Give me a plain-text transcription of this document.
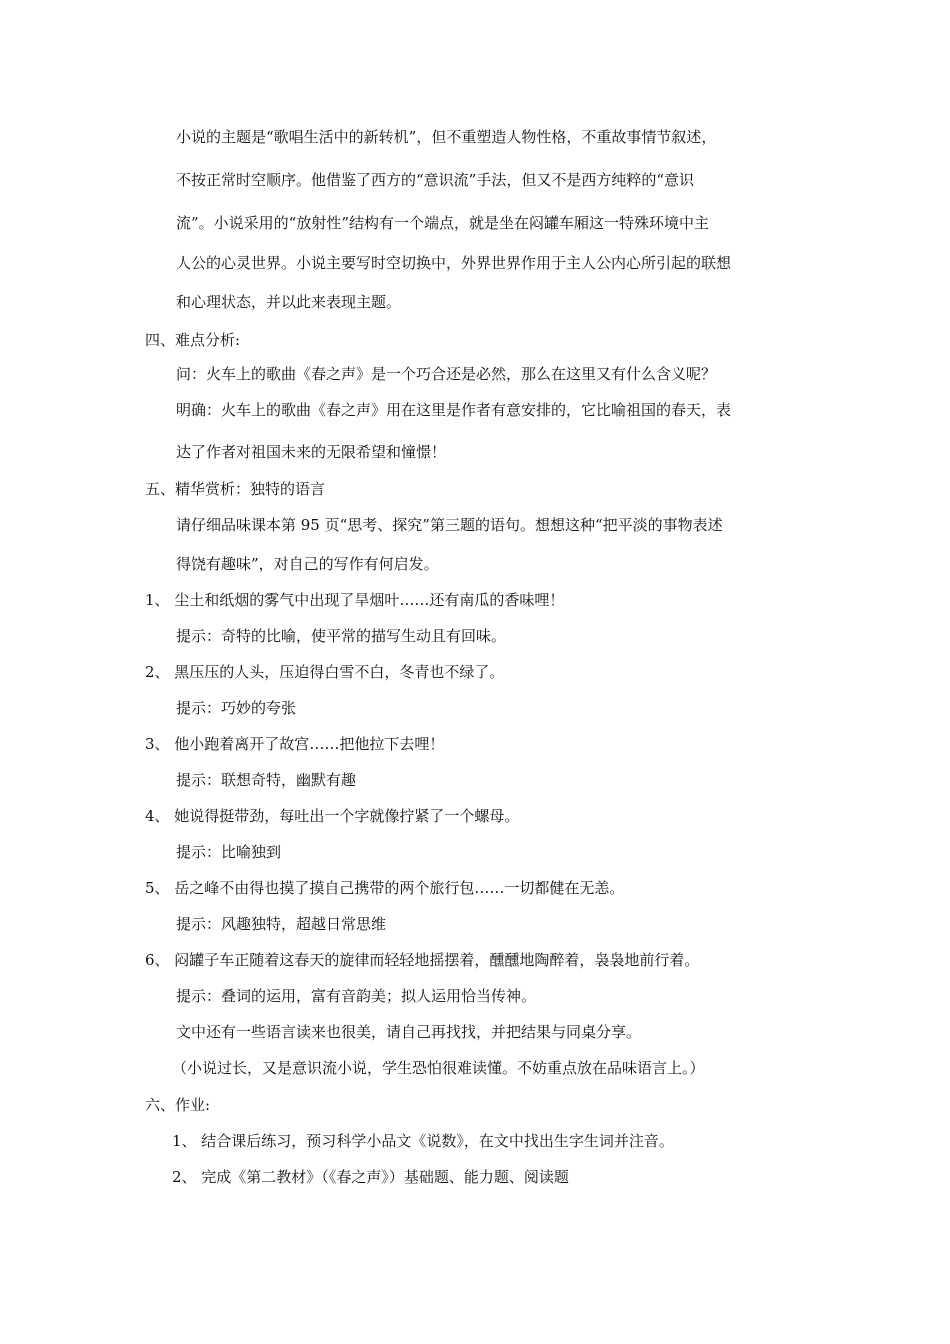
小说的主题是“歌唱生活中的新转机”，但不重塑造人物性格，不重故事情节叙述，
不按正常时空顺序。他借鉴了西方的“意识流”手法，但又不是西方纯粹的“意识
流”。小说采用的“放射性”结构有一个端点，就是坐在闷罐车厢这一特殊环境中主
人公的心灵世界。小说主要写时空切换中，外界世界作用于主人公内心所引起的联想
和心理状态，并以此来表现主题。
四、难点分析:
问：火车上的歌曲《春之声》是一个巧合还是必然，那么在这里又有什么含义呢？
明确：火车上的歌曲《春之声》用在这里是作者有意安排的，它比喻祖国的春天，表
达了作者对祖国未来的无限希望和憧憬！
五、精华赏析：独特的语言
请仔细品味课本第 95 页“思考、探究”第三题的语句。想想这种“把平淡的事物表述
得饶有趣味”，对自己的写作有何启发。
1、 尘土和纸烟的雾气中出现了旱烟叶……还有南瓜的香味哩！
提示：奇特的比喻，使平常的描写生动且有回味。
2、 黑压压的人头，压迫得白雪不白，冬青也不绿了。
提示：巧妙的夸张
3、 他小跑着离开了故宫……把他拉下去哩！
提示：联想奇特，幽默有趣
4、 她说得挺带劲，每吐出一个字就像拧紧了一个螺母。
提示：比喻独到
5、 岳之峰不由得也摸了摸自己携带的两个旅行包……一切都健在无恙。
提示：风趣独特，超越日常思维
6、 闷罐子车正随着这春天的旋律而轻轻地摇摆着，醺醺地陶醉着，袅袅地前行着。
提示：叠词的运用，富有音韵美；拟人运用恰当传神。
文中还有一些语言读来也很美，请自己再找找，并把结果与同桌分享。
（小说过长，又是意识流小说，学生恐怕很难读懂。不妨重点放在品味语言上。）
六、作业:
1、 结合课后练习，预习科学小品文《说数》，在文中找出生字生词并注音。
2、 完成《第二教材》（《春之声》）基础题、能力题、阅读题
